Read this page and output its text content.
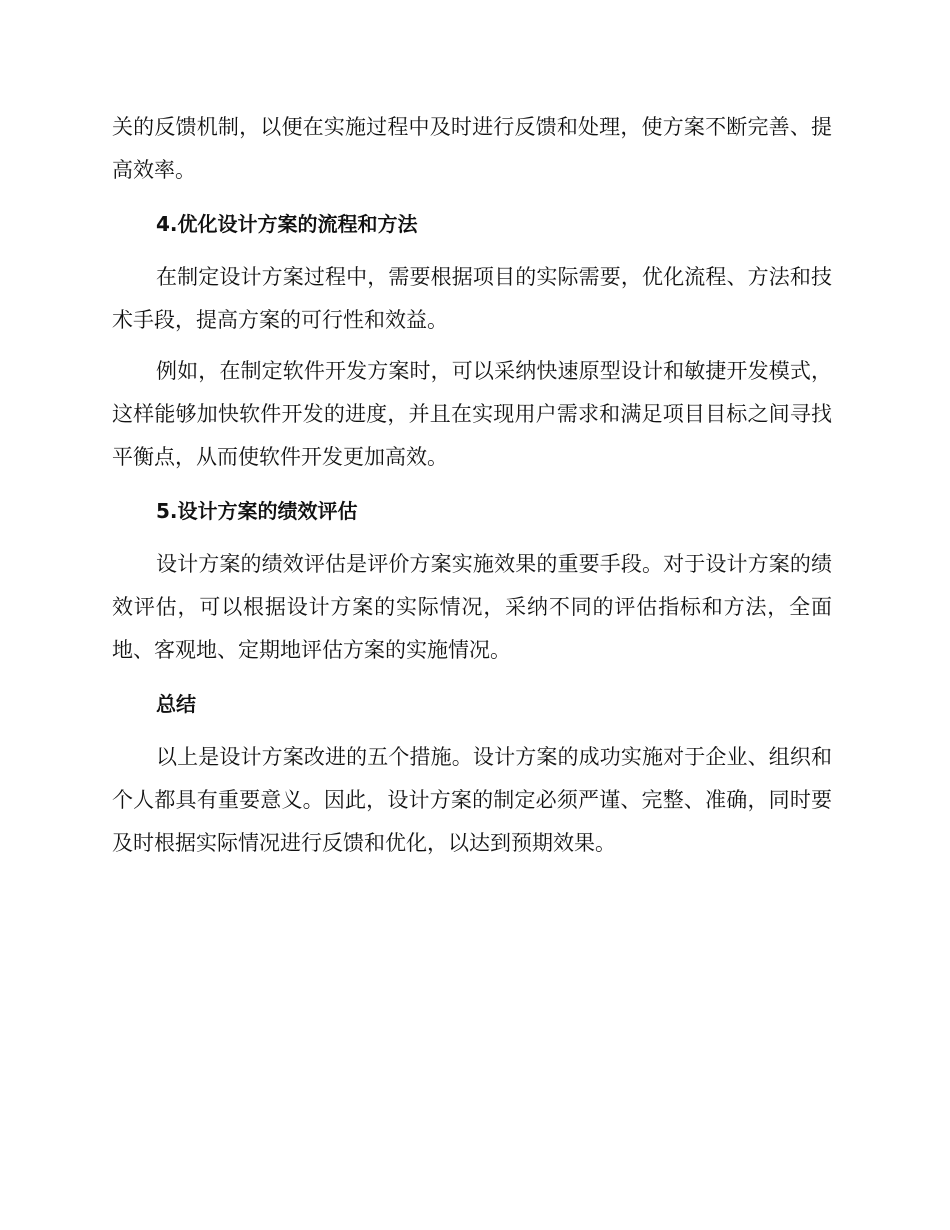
关的反馈机制，以便在实施过程中及时进行反馈和处理，使方案不断完善、提高效率。

4.优化设计方案的流程和方法

在制定设计方案过程中，需要根据项目的实际需要，优化流程、方法和技术手段，提高方案的可行性和效益。

例如，在制定软件开发方案时，可以采纳快速原型设计和敏捷开发模式，这样能够加快软件开发的进度，并且在实现用户需求和满足项目目标之间寻找平衡点，从而使软件开发更加高效。

5.设计方案的绩效评估

设计方案的绩效评估是评价方案实施效果的重要手段。对于设计方案的绩效评估，可以根据设计方案的实际情况，采纳不同的评估指标和方法，全面地、客观地、定期地评估方案的实施情况。

总结

以上是设计方案改进的五个措施。设计方案的成功实施对于企业、组织和个人都具有重要意义。因此，设计方案的制定必须严谨、完整、准确，同时要及时根据实际情况进行反馈和优化，以达到预期效果。
